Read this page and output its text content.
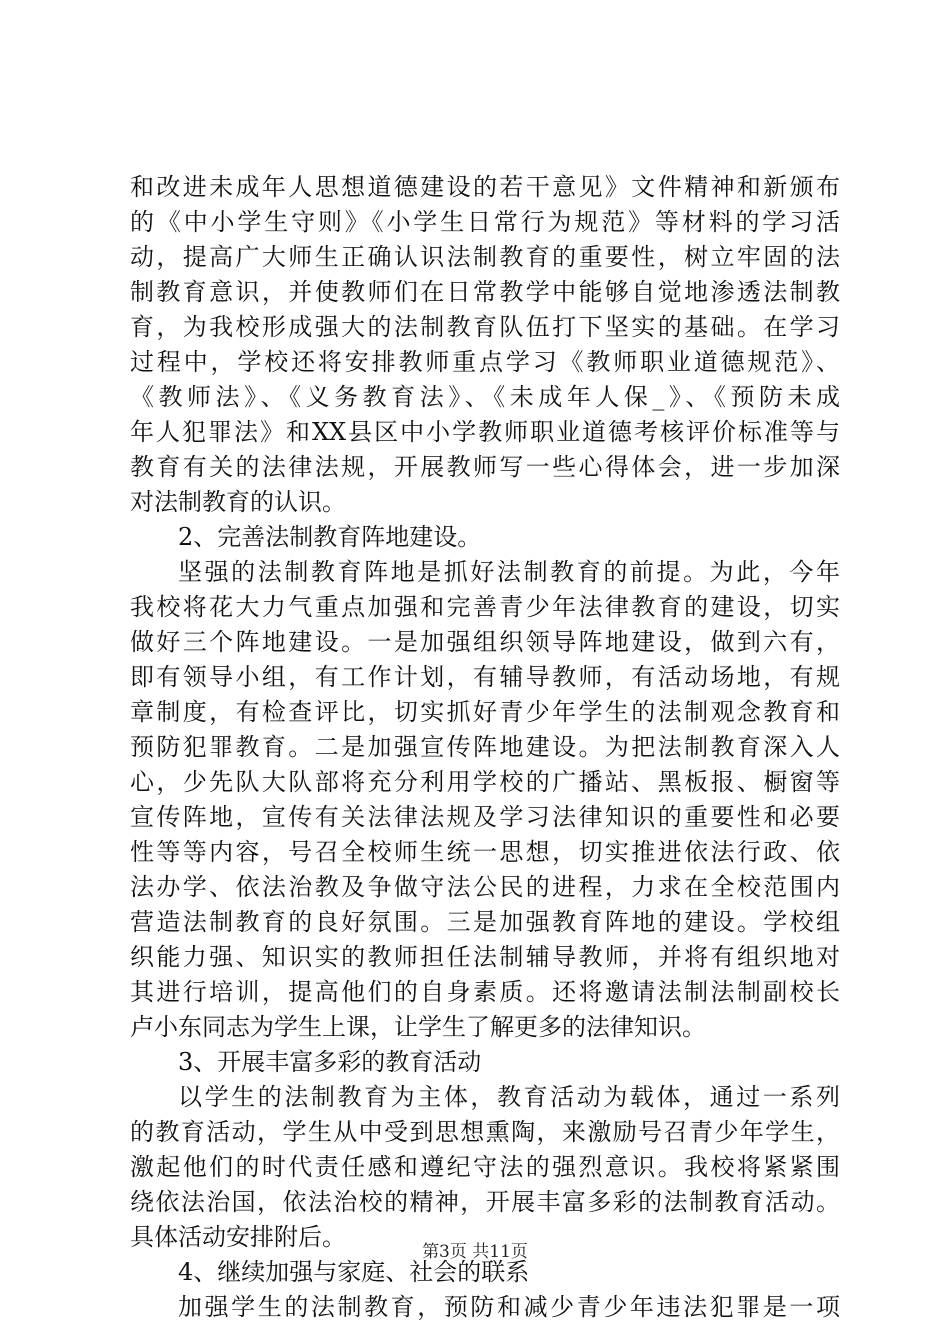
和改进未成年人思想道德建设的若干意见》文件精神和新颁布
的《中小学生守则》《小学生日常行为规范》等材料的学习活
动，提高广大师生正确认识法制教育的重要性，树立牢固的法
制教育意识，并使教师们在日常教学中能够自觉地渗透法制教
育，为我校形成强大的法制教育队伍打下坚实的基础。在学习
过程中，学校还将安排教师重点学习《教师职业道德规范》、
《教师法》、《义务教育法》、《未成年人保_》、《预防未成
年人犯罪法》和XX县区中小学教师职业道德考核评价标准等与
教育有关的法律法规，开展教师写一些心得体会，进一步加深
对法制教育的认识。
2、完善法制教育阵地建设。
坚强的法制教育阵地是抓好法制教育的前提。为此，今年
我校将花大力气重点加强和完善青少年法律教育的建设，切实
做好三个阵地建设。一是加强组织领导阵地建设，做到六有，
即有领导小组，有工作计划，有辅导教师，有活动场地，有规
章制度，有检查评比，切实抓好青少年学生的法制观念教育和
预防犯罪教育。二是加强宣传阵地建设。为把法制教育深入人
心，少先队大队部将充分利用学校的广播站、黑板报、橱窗等
宣传阵地，宣传有关法律法规及学习法律知识的重要性和必要
性等等内容，号召全校师生统一思想，切实推进依法行政、依
法办学、依法治教及争做守法公民的进程，力求在全校范围内
营造法制教育的良好氛围。三是加强教育阵地的建设。学校组
织能力强、知识实的教师担任法制辅导教师，并将有组织地对
其进行培训，提高他们的自身素质。还将邀请法制法制副校长
卢小东同志为学生上课，让学生了解更多的法律知识。
3、开展丰富多彩的教育活动
以学生的法制教育为主体，教育活动为载体，通过一系列
的教育活动，学生从中受到思想熏陶，来激励号召青少年学生，
激起他们的时代责任感和遵纪守法的强烈意识。我校将紧紧围
绕依法治国，依法治校的精神，开展丰富多彩的法制教育活动。
具体活动安排附后。
4、继续加强与家庭、社会的联系
加强学生的法制教育，预防和减少青少年违法犯罪是一项
第3页 共11页
